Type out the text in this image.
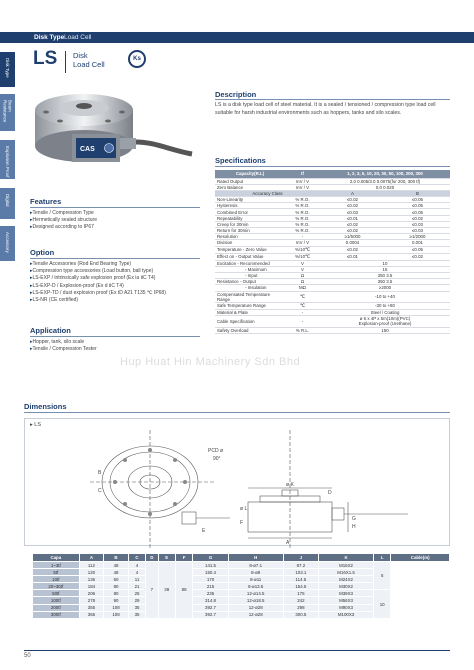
Disk Type Load Cell
Disk Type
Beam Resistance
Explosion Proof
Digital
Accessory
LS Disk
Load Cell
Ks
CAS
Description
LS is a disk type load cell of steel material. It is a sealed / tensioned / compression type load cell suitable for harsh industrial environments such as hoppers, tanks and silo scales.
Specifications
Capacity(R.L)	tf	1, 2, 3, 5, 10, 20, 30, 50, 100, 200, 300	
Rated Output	mV / V	2.0 0.005/3.0 0.0075(for 200, 300 tf)	
Zero Balance	mV / V	0.0 0.020	
Accuracy Class		A	B
Non-Linearity	% R.O.	≤0.02	≤0.05
Hysteresis	% R.O.	≤0.02	≤0.05
Combined Error	% R.O.	≤0.03	≤0.05
Repeatability	% R.O.	≤0.01	≤0.02
Creep for 30min	% R.O.	≤0.02	≤0.03
Return for 30min	% R.O.	≤0.02	≤0.03
Resolution	-	≥1/5000	≥1/2000
Division	mV / V	0.0004	0.001
Temperature - Zero Value	%/10℃	≤0.02	≤0.05
Effect on - Output Value	%/10℃	≤0.01	≤0.02
Excitation - Recommended	V	10	
- Maximum	V	15	
- Input	Ω	350 3.5	
Resistance - Output	Ω	350 3.5	
- Insulation	MΩ	≥2000	
Compensated Temperature Range	℃	-10 to +40	
Safe Temperature Range	℃	-30 to +80	
Material & Plate	-	Steel / Coating	
Cable Specification	-	ø 6 x 4P x 5m(10m)(PVC)
Explosion-proof (Urethane)	

Safety Overload	% R.L.	150	
Features
▸ Tensile / Compression Type
▸ Hermetically sealed structure
▸ Designed according to IP67
Option
▸ Tensile Accessories (Rod End Bearing Type)
▸ Compression type accessories (Load button, ball type)
▸ LS-EXP / intrinsically safe explosion proof (Ex ia ⅡC T4)
▸ LS-EXP-D / Explosion-proof (Ex d ⅡC T4)
▸ LS-EXP-TD / dust explosion proof (Ex tD A21 T135 ℃ IP68)
▸ LS-NR (CE certified)
Application
▸ Hopper, tank, silo scale
▸ Tensile / Compression Tester
Hup Huat Hin Machinery Sdn Bhd
Dimensions
▸ LS
PCD ø
90°
B
C
E
ø K
A
ø L
G
H
F
D
Capa	A	B	C	D	E	F	G	H	J	K	L	Cable(m)
1~3tf	112	48	4	7	38	88	141.5	8-ø7.1	97.2	M16X2	5	
5tf	120	48	4				150.4	8-ø9	103.1	M16X1.5		
10tf	136	60	11				170	8-ø11	114.5	M24X2		
20~30tf	184	80	21				215	8-ø13.5	154.5	M30X2		
50tf	206	80	25				235	12-ø14.5	175	M39X3	10	
100tf	278	90	29				314.8	12-ø18.5	242	M56X3		
200tf	355	108	35				392.7	12-ø28	298	M90X3		
300tf	355	108	35				392.7	12-ø28	300.5	M100X3		
50
